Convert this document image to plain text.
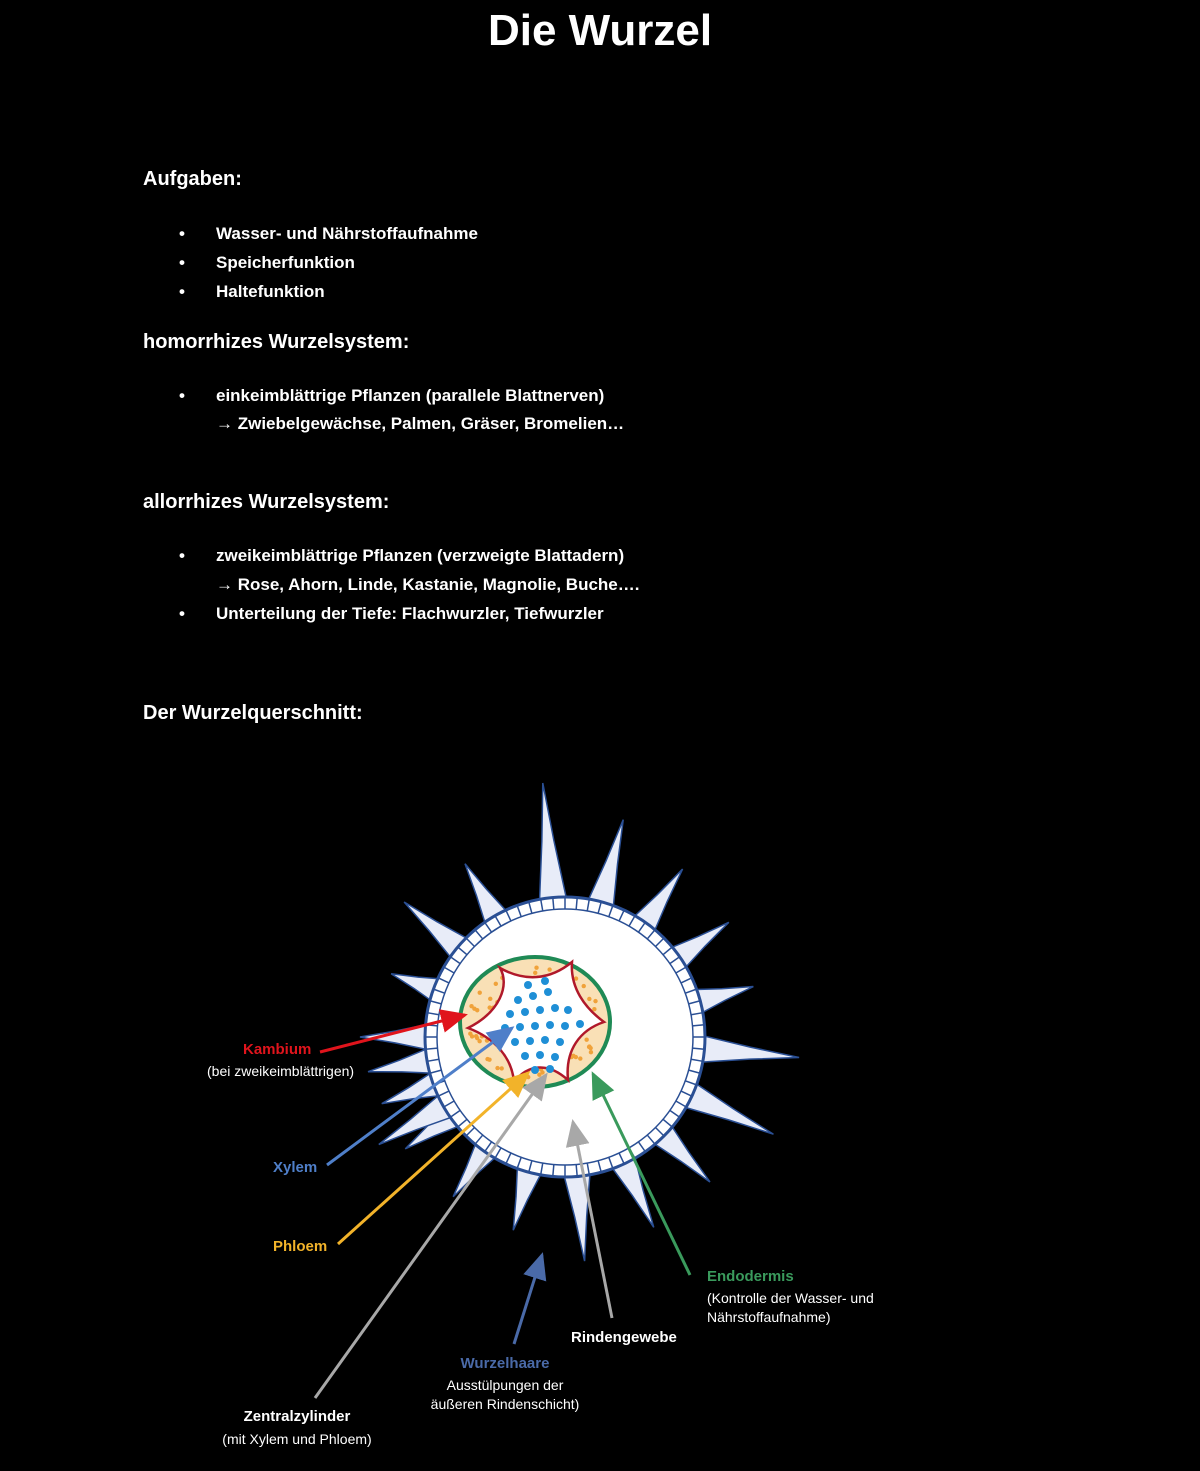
Die Wurzel
Aufgaben:
• Wasser- und Nährstoffaufnahme
• Speicherfunktion
• Haltefunktion
homorrhizes Wurzelsystem:
• einkeimblättrige Pflanzen (parallele Blattnerven)
→ Zwiebelgewächse, Palmen, Gräser, Bromelien…
allorrhizes Wurzelsystem:
• zweikeimblättrige Pflanzen (verzweigte Blattadern)
→ Rose, Ahorn, Linde, Kastanie, Magnolie, Buche….
• Unterteilung der Tiefe: Flachwurzler, Tiefwurzler
Der Wurzelquerschnitt:
Kambium
(bei zweikeimblättrigen)
Xylem
Phloem
Endodermis
(Kontrolle der Wasser- und
Nährstoffaufnahme)
Rindengewebe
Wurzelhaare
Ausstülpungen der
äußeren Rindenschicht)
Zentralzylinder
(mit Xylem und Phloem)
